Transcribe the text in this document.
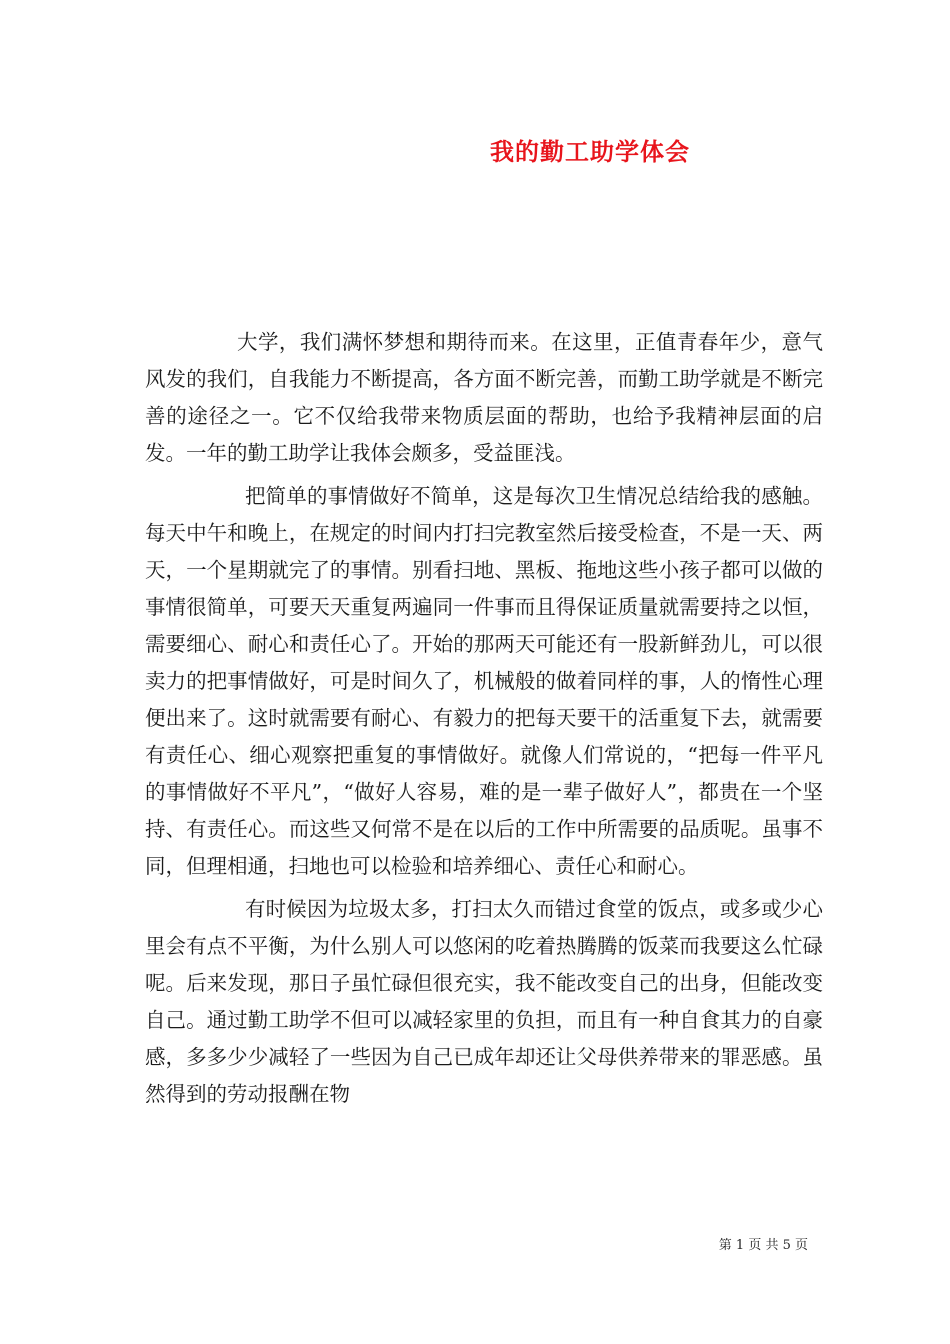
我的勤工助学体会

大学，我们满怀梦想和期待而来。在这里，正值青春年少，意气风发的我们，自我能力不断提高，各方面不断完善，而勤工助学就是不断完善的途径之一。它不仅给我带来物质层面的帮助，也给予我精神层面的启发。一年的勤工助学让我体会颇多，受益匪浅。

把简单的事情做好不简单，这是每次卫生情况总结给我的感触。每天中午和晚上，在规定的时间内打扫完教室然后接受检查，不是一天、两天，一个星期就完了的事情。别看扫地、黑板、拖地这些小孩子都可以做的事情很简单，可要天天重复两遍同一件事而且得保证质量就需要持之以恒，需要细心、耐心和责任心了。开始的那两天可能还有一股新鲜劲儿，可以很卖力的把事情做好，可是时间久了，机械般的做着同样的事，人的惰性心理便出来了。这时就需要有耐心、有毅力的把每天要干的活重复下去，就需要有责任心、细心观察把重复的事情做好。就像人们常说的，“把每一件平凡的事情做好不平凡”，“做好人容易，难的是一辈子做好人”，都贵在一个坚持、有责任心。而这些又何常不是在以后的工作中所需要的品质呢。虽事不同，但理相通，扫地也可以检验和培养细心、责任心和耐心。

有时候因为垃圾太多，打扫太久而错过食堂的饭点，或多或少心里会有点不平衡，为什么别人可以悠闲的吃着热腾腾的饭菜而我要这么忙碌呢。后来发现，那日子虽忙碌但很充实，我不能改变自己的出身，但能改变自己。通过勤工助学不但可以减轻家里的负担，而且有一种自食其力的自豪感，多多少少减轻了一些因为自己已成年却还让父母供养带来的罪恶感。虽然得到的劳动报酬在物

第 1 页 共 5 页
